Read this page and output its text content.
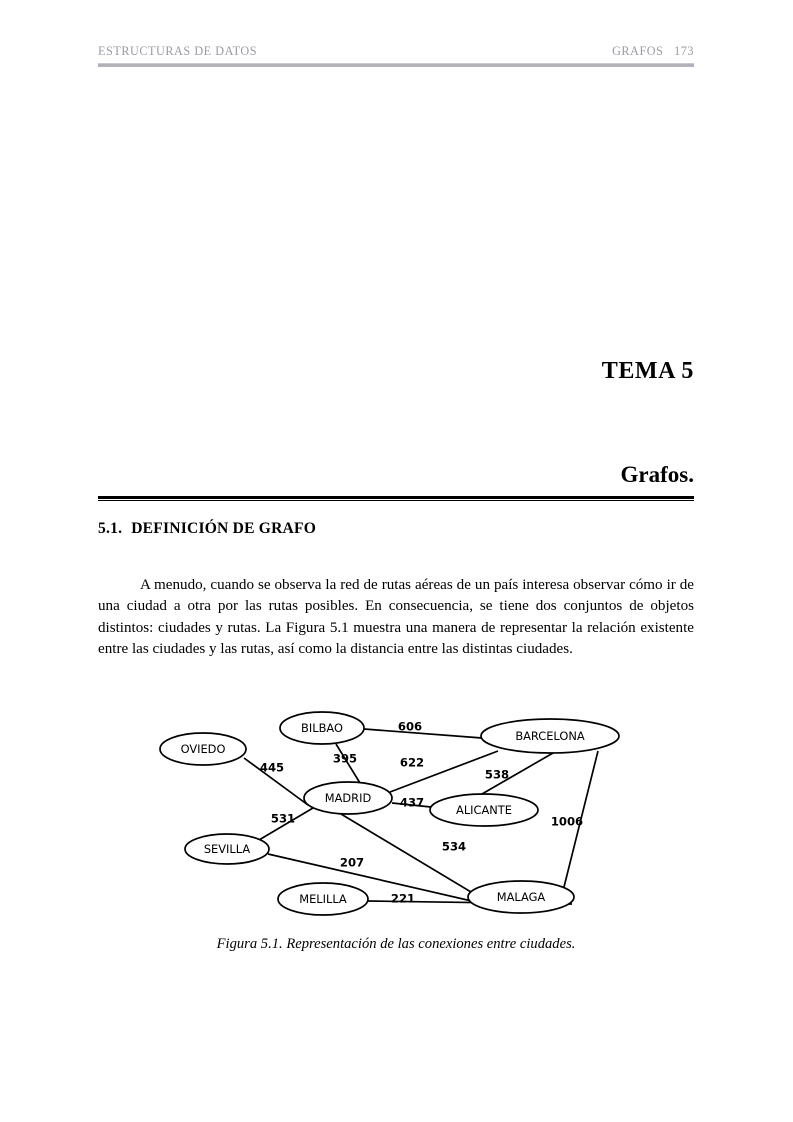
ESTRUCTURAS DE DATOS	GRAFOS 173
TEMA 5
Grafos.
5.1. DEFINICIÓN DE GRAFO

A menudo, cuando se observa la red de rutas aéreas de un país interesa observar cómo ir de una ciudad a otra por las rutas posibles. En consecuencia, se tiene dos conjuntos de objetos distintos: ciudades y rutas. La Figura 5.1 muestra una manera de representar la relación existente entre las ciudades y las rutas, así como la distancia entre las distintas ciudades.

606
395
445	622
437
538
1006
534
531
207
221
OVIEDO
BILBAO
BARCELONA
MADRID
ALICANTE
SEVILLA
MELILLA	MALAGA
Figura 5.1. Representación de las conexiones entre ciudades.
